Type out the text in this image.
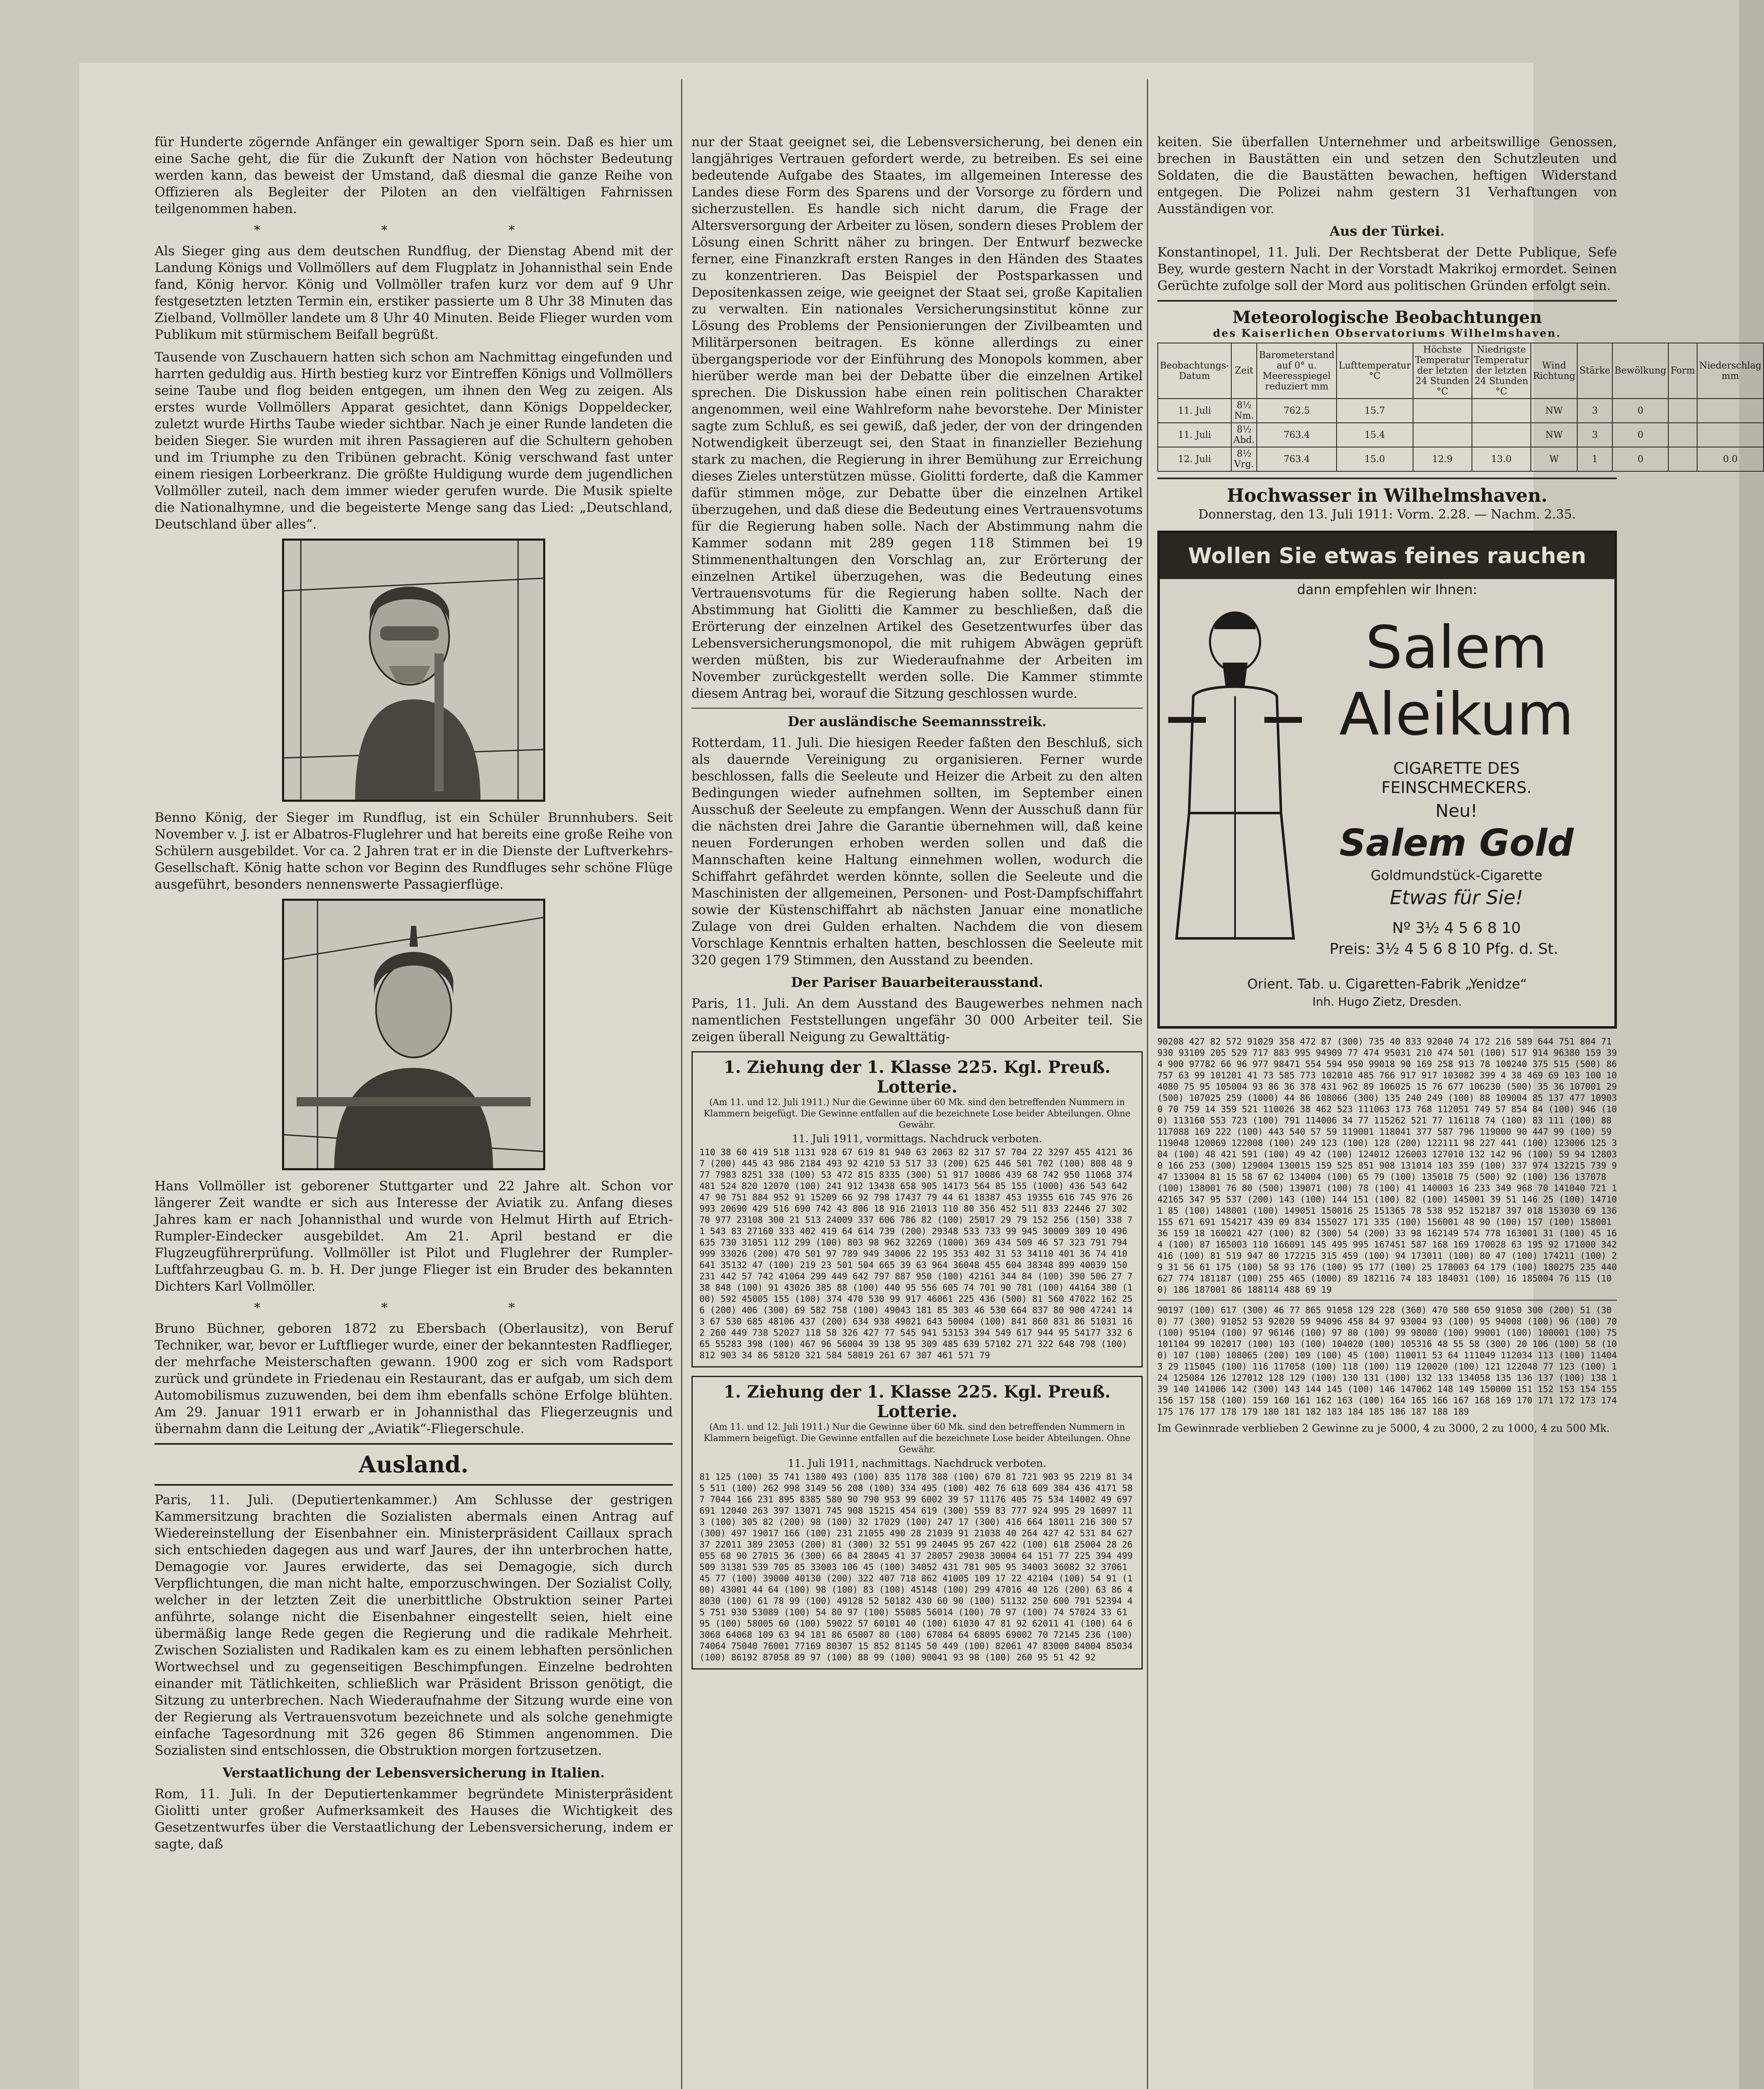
für Hunderte zögernde Anfänger ein gewaltiger Sporn sein. Daß es hier um eine Sache geht, die für die Zukunft der Nation von höchster Bedeutung werden kann, das beweist der Umstand, daß diesmal die ganze Reihe von Offizieren als Begleiter der Piloten an den vielfältigen Fahrnissen teilgenommen haben.

* * *

Als Sieger ging aus dem deutschen Rundflug, der Dienstag Abend mit der Landung Königs und Vollmöllers auf dem Flugplatz in Johannisthal sein Ende fand, König hervor. König und Vollmöller trafen kurz vor dem auf 9 Uhr festgesetzten letzten Termin ein, erstiker passierte um 8 Uhr 38 Minuten das Zielband, Vollmöller landete um 8 Uhr 40 Minuten. Beide Flieger wurden vom Publikum mit stürmischem Beifall begrüßt.

Tausende von Zuschauern hatten sich schon am Nachmittag eingefunden und harrten geduldig aus. Hirth bestieg kurz vor Eintreffen Königs und Vollmöllers seine Taube und flog beiden entgegen, um ihnen den Weg zu zeigen. Als erstes wurde Vollmöllers Apparat gesichtet, dann Königs Doppeldecker, zuletzt wurde Hirths Taube wieder sichtbar. Nach je einer Runde landeten die beiden Sieger. Sie wurden mit ihren Passagieren auf die Schultern gehoben und im Triumphe zu den Tribünen gebracht. König verschwand fast unter einem riesigen Lorbeerkranz. Die größte Huldigung wurde dem jugendlichen Vollmöller zuteil, nach dem immer wieder gerufen wurde. Die Musik spielte die Nationalhymne, und die begeisterte Menge sang das Lied: „Deutschland, Deutschland über alles“.

Benno König, der Sieger im Rundflug, ist ein Schüler Brunnhubers. Seit November v. J. ist er Albatros-Fluglehrer und hat bereits eine große Reihe von Schülern ausgebildet. Vor ca. 2 Jahren trat er in die Dienste der Luftverkehrs-Gesellschaft. König hatte schon vor Beginn des Rundfluges sehr schöne Flüge ausgeführt, besonders nennenswerte Passagierflüge.

Hans Vollmöller ist geborener Stuttgarter und 22 Jahre alt. Schon vor längerer Zeit wandte er sich aus Interesse der Aviatik zu. Anfang dieses Jahres kam er nach Johannisthal und wurde von Helmut Hirth auf Etrich-Rumpler-Eindecker ausgebildet. Am 21. April bestand er die Flugzeugführerprüfung. Vollmöller ist Pilot und Fluglehrer der Rumpler-Luftfahrzeugbau G. m. b. H. Der junge Flieger ist ein Bruder des bekannten Dichters Karl Vollmöller.

* * *

Bruno Büchner, geboren 1872 zu Ebersbach (Oberlausitz), von Beruf Techniker, war, bevor er Luftflieger wurde, einer der bekanntesten Radflieger, der mehrfache Meisterschaften gewann. 1900 zog er sich vom Radsport zurück und gründete in Friedenau ein Restaurant, das er aufgab, um sich dem Automobilismus zuzuwenden, bei dem ihm ebenfalls schöne Erfolge blühten. Am 29. Januar 1911 erwarb er in Johannisthal das Fliegerzeugnis und übernahm dann die Leitung der „Aviatik“-Fliegerschule.

Ausland.

Paris, 11. Juli. (Deputiertenkammer.) Am Schlusse der gestrigen Kammersitzung brachten die Sozialisten abermals einen Antrag auf Wiedereinstellung der Eisenbahner ein. Ministerpräsident Caillaux sprach sich entschieden dagegen aus und warf Jaures, der ihn unterbrochen hatte, Demagogie vor. Jaures erwiderte, das sei Demagogie, sich durch Verpflichtungen, die man nicht halte, emporzuschwingen. Der Sozialist Colly, welcher in der letzten Zeit die unerbittliche Obstruktion seiner Partei anführte, solange nicht die Eisenbahner eingestellt seien, hielt eine übermäßig lange Rede gegen die Regierung und die radikale Mehrheit. Zwischen Sozialisten und Radikalen kam es zu einem lebhaften persönlichen Wortwechsel und zu gegenseitigen Beschimpfungen. Einzelne bedrohten einander mit Tätlichkeiten, schließlich war Präsident Brisson genötigt, die Sitzung zu unterbrechen. Nach Wiederaufnahme der Sitzung wurde eine von der Regierung als Vertrauensvotum bezeichnete und als solche genehmigte einfache Tagesordnung mit 326 gegen 86 Stimmen angenommen. Die Sozialisten sind entschlossen, die Obstruktion morgen fortzusetzen.

Verstaatlichung der Lebensversicherung in Italien.

Rom, 11. Juli. In der Deputiertenkammer begründete Ministerpräsident Giolitti unter großer Aufmerksamkeit des Hauses die Wichtigkeit des Gesetzentwurfes über die Verstaatlichung der Lebensversicherung, indem er sagte, daß

nur der Staat geeignet sei, die Lebensversicherung, bei denen ein langjähriges Vertrauen gefordert werde, zu betreiben. Es sei eine bedeutende Aufgabe des Staates, im allgemeinen Interesse des Landes diese Form des Sparens und der Vorsorge zu fördern und sicherzustellen. Es handle sich nicht darum, die Frage der Altersversorgung der Arbeiter zu lösen, sondern dieses Problem der Lösung einen Schritt näher zu bringen. Der Entwurf bezwecke ferner, eine Finanzkraft ersten Ranges in den Händen des Staates zu konzentrieren. Das Beispiel der Postsparkassen und Depositenkassen zeige, wie geeignet der Staat sei, große Kapitalien zu verwalten. Ein nationales Versicherungsinstitut könne zur Lösung des Problems der Pensionierungen der Zivilbeamten und Militärpersonen beitragen. Es könne allerdings zu einer übergangsperiode vor der Einführung des Monopols kommen, aber hierüber werde man bei der Debatte über die einzelnen Artikel sprechen. Die Diskussion habe einen rein politischen Charakter angenommen, weil eine Wahlreform nahe bevorstehe. Der Minister sagte zum Schluß, es sei gewiß, daß jeder, der von der dringenden Notwendigkeit überzeugt sei, den Staat in finanzieller Beziehung stark zu machen, die Regierung in ihrer Bemühung zur Erreichung dieses Zieles unterstützen müsse. Giolitti forderte, daß die Kammer dafür stimmen möge, zur Debatte über die einzelnen Artikel überzugehen, und daß diese die Bedeutung eines Vertrauensvotums für die Regierung haben solle. Nach der Abstimmung nahm die Kammer sodann mit 289 gegen 118 Stimmen bei 19 Stimmenenthaltungen den Vorschlag an, zur Erörterung der einzelnen Artikel überzugehen, was die Bedeutung eines Vertrauensvotums für die Regierung haben sollte. Nach der Abstimmung hat Giolitti die Kammer zu beschließen, daß die Erörterung der einzelnen Artikel des Gesetzentwurfes über das Lebensversicherungsmonopol, die mit ruhigem Abwägen geprüft werden müßten, bis zur Wiederaufnahme der Arbeiten im November zurückgestellt werden solle. Die Kammer stimmte diesem Antrag bei, worauf die Sitzung geschlossen wurde.

Der ausländische Seemannsstreik.

Rotterdam, 11. Juli. Die hiesigen Reeder faßten den Beschluß, sich als dauernde Vereinigung zu organisieren. Ferner wurde beschlossen, falls die Seeleute und Heizer die Arbeit zu den alten Bedingungen wieder aufnehmen sollten, im September einen Ausschuß der Seeleute zu empfangen. Wenn der Ausschuß dann für die nächsten drei Jahre die Garantie übernehmen will, daß keine neuen Forderungen erhoben werden sollen und daß die Mannschaften keine Haltung einnehmen wollen, wodurch die Schiffahrt gefährdet werden könnte, sollen die Seeleute und die Maschinisten der allgemeinen, Personen- und Post-Dampfschiffahrt sowie der Küstenschiffahrt ab nächsten Januar eine monatliche Zulage von drei Gulden erhalten. Nachdem die von diesem Vorschlage Kenntnis erhalten hatten, beschlossen die Seeleute mit 320 gegen 179 Stimmen, den Ausstand zu beenden.

Der Pariser Bauarbeiterausstand.

Paris, 11. Juli. An dem Ausstand des Baugewerbes nehmen nach namentlichen Feststellungen ungefähr 30 000 Arbeiter teil. Sie zeigen überall Neigung zu Gewalttätig-

1. Ziehung der 1. Klasse 225. Kgl. Preuß. Lotterie.
(Am 11. und 12. Juli 1911.) Nur die Gewinne über 60 Mk. sind den betreffenden Nummern in Klammern beigefügt. Die Gewinne entfallen auf die bezeichnete Lose beider Abteilungen. Ohne Gewähr.
11. Juli 1911, vormittags. Nachdruck verboten.
110 38 60 419 518 1131 928 67 619 81 940 63 2063 82 317 57 704 22 3297 455 4121 367 (200) 445 43 986 2184 493 92 4210 53 517 33 (200) 625 446 501 702 (100) 808 48 977 7983 8251 338 (100) 53 472 815 8335 (300) 51 917 10086 439 68 742 950 11068 374 481 524 820 12070 (100) 241 912 13438 658 905 14173 564 85 155 (1000) 436 543 642 47 90 751 884 952 91 15209 66 92 798 17437 79 44 61 18387 453 19355 616 745 976 26 993 20690 429 516 690 742 43 806 18 916 21013 110 80 356 452 511 833 22446 27 302 70 977 23108 300 21 513 24009 337 606 786 82 (100) 25017 29 79 152 256 (150) 338 71 543 83 27160 333 402 419 64 614 739 (200) 29348 533 733 99 945 30009 309 10 496 635 730 31051 112 299 (100) 803 98 962 32269 (1000) 369 434 509 46 57 323 791 794 999 33026 (200) 470 501 97 789 949 34006 22 195 353 402 31 53 34110 401 36 74 410 641 35132 47 (100) 219 23 501 504 665 39 63 964 36048 455 604 38348 899 40039 150 231 442 57 742 41064 299 449 642 797 887 950 (100) 42161 344 84 (100) 390 506 27 738 848 (100) 91 43026 385 88 (100) 440 95 556 605 74 701 90 781 (100) 44164 380 (100) 592 45005 155 (100) 374 470 530 99 917 46061 225 436 (500) 81 560 47022 162 256 (200) 406 (300) 69 582 758 (100) 49043 181 85 303 46 530 664 837 80 900 47241 143 67 530 685 48106 437 (200) 634 938 49021 643 50004 (100) 841 860 831 86 51031 162 260 449 738 52027 118 58 326 427 77 545 941 53153 394 549 617 944 95 54177 332 665 55283 398 (100) 467 96 56004 39 138 95 309 485 639 57102 271 322 648 798 (100) 812 903 34 86 58120 321 584 58019 261 67 307 461 571 79
1. Ziehung der 1. Klasse 225. Kgl. Preuß. Lotterie.
(Am 11. und 12. Juli 1911.) Nur die Gewinne über 60 Mk. sind den betreffenden Nummern in Klammern beigefügt. Die Gewinne entfallen auf die bezeichnete Lose beider Abteilungen. Ohne Gewähr.
11. Juli 1911, nachmittags. Nachdruck verboten.
81 125 (100) 35 741 1380 493 (100) 835 1178 388 (100) 670 81 721 903 95 2219 81 345 511 (100) 262 998 3149 56 208 (100) 334 495 (100) 402 76 618 609 384 436 4171 587 7044 166 231 895 8385 580 90 790 953 99 6002 39 57 11176 405 75 534 14002 49 697 691 12040 263 397 13071 745 908 15215 454 619 (300) 559 83 777 924 995 29 16097 113 (100) 305 82 (200) 98 (100) 32 17029 (100) 247 17 (300) 416 664 18011 216 300 57 (300) 497 19017 166 (100) 231 21055 490 28 21039 91 21038 40 264 427 42 531 84 627 37 22011 389 23053 (200) 81 (300) 32 551 99 24045 95 267 422 (100) 618 25004 28 26055 68 90 27015 36 (300) 66 84 28045 41 37 28057 29038 30004 64 151 77 225 394 499 509 31381 539 705 85 33003 106 45 (100) 34052 431 781 905 95 34003 36082 32 37061 45 77 (100) 39000 40130 (200) 322 407 718 862 41005 109 17 22 42104 (100) 54 91 (100) 43001 44 64 (100) 98 (100) 83 (100) 45148 (100) 299 47016 40 126 (200) 63 86 48030 (100) 61 78 99 (100) 49128 52 50182 430 60 90 (100) 51132 250 600 791 52394 45 751 930 53089 (100) 54 80 97 (100) 55085 56014 (100) 70 97 (100) 74 57024 33 61 95 (100) 58005 60 (100) 59022 57 60101 40 (100) 61030 47 81 92 62011 41 (100) 64 63068 64068 109 63 94 181 86 65007 80 (100) 67084 64 68095 69002 70 72145 236 (100) 74064 75040 76001 77169 80307 15 852 81145 50 449 (100) 82061 47 83000 84004 85034 (100) 86192 87058 89 97 (100) 88 99 (100) 90041 93 98 (100) 260 95 51 42 92

keiten. Sie überfallen Unternehmer und arbeitswillige Genossen, brechen in Baustätten ein und setzen den Schutzleuten und Soldaten, die die Baustätten bewachen, heftigen Widerstand entgegen. Die Polizei nahm gestern 31 Verhaftungen von Ausständigen vor.

Aus der Türkei.

Konstantinopel, 11. Juli. Der Rechtsberat der Dette Publique, Sefe Bey, wurde gestern Nacht in der Vorstadt Makrikoj ermordet. Seinen Gerüchte zufolge soll der Mord aus politischen Gründen erfolgt sein.

Meteorologische Beobachtungen
des Kaiserlichen Observatoriums Wilhelmshaven.
Beobachtungs-Datum	Zeit	Barometerstand auf 0° u. Meeresspiegel reduziert mm	Lufttemperatur °C	Höchste Temperatur der letzten 24 Stunden °C	Niedrigste Temperatur der letzten 24 Stunden °C	Wind Richtung	Stärke	Bewölkung	Form	Niederschlag mm
11. Juli	8½ Nm.	762.5	15.7			NW	3	0		
11. Juli	8½ Abd.	763.4	15.4			NW	3	0		
12. Juli	8½ Vrg.	763.4	15.0	12.9	13.0	W	1	0		0.0
Hochwasser in Wilhelmshaven.

Donnerstag, den 13. Juli 1911: Vorm. 2.28. — Nachm. 2.35.

Wollen Sie etwas feines rauchen
dann empfehlen wir Ihnen:
Salem
Aleikum
CIGARETTE DES FEINSCHMECKERS.
Neu!
Salem Gold
Goldmundstück-Cigarette
Etwas für Sie!
Nº 3½ 4 5 6 8 10
Preis: 3½ 4 5 6 8 10 Pfg. d. St.
Orient. Tab. u. Cigaretten-Fabrik „Yenidze“
Inh. Hugo Zietz, Dresden.
90208 427 82 572 91029 358 472 87 (300) 735 40 833 92040 74 172 216 589 644 751 804 71 930 93109 205 529 717 883 995 94909 77 474 95031 210 474 501 (100) 517 914 96380 159 394 900 97782 66 96 977 98471 554 594 950 99018 90 169 258 913 78 100240 375 515 (500) 86 757 63 99 101201 41 73 585 773 102010 485 766 917 917 103082 399 4 38 469 69 103 100 104080 75 95 105004 93 86 36 378 431 962 89 106025 15 76 677 106230 (500) 35 36 107001 29 (500) 107025 259 (1000) 44 86 108066 (300) 135 240 249 (100) 88 109004 85 137 477 109030 70 759 14 359 521 110026 38 462 523 111063 173 768 112051 749 57 854 84 (100) 946 (100) 113160 553 723 (100) 791 114006 34 77 115262 521 77 116118 74 (100) 83 111 (100) 88 117088 169 222 (100) 443 540 57 59 119001 118041 377 587 796 119000 90 447 99 (100) 59 119048 120069 122008 (100) 249 123 (100) 128 (200) 122111 98 227 441 (100) 123006 125 304 (100) 48 421 591 (100) 49 42 (100) 124012 126003 127010 132 142 96 (100) 59 94 128030 166 253 (300) 129004 130015 159 525 851 908 131014 103 359 (100) 337 974 132215 739 947 133004 81 15 58 67 62 134004 (100) 65 79 (100) 135018 75 (500) 92 (100) 136 137078 (100) 138001 76 80 (500) 139071 (100) 78 (100) 41 140003 16 233 349 968 70 141040 721 142165 347 95 537 (200) 143 (100) 144 151 (100) 82 (100) 145001 39 51 146 25 (100) 147101 85 (100) 148001 (100) 149051 150016 25 151365 78 538 952 152187 397 018 153030 69 136 155 671 691 154217 439 09 834 155027 171 335 (100) 156001 48 90 (100) 157 (100) 158001 36 159 18 160021 427 (100) 82 (300) 54 (200) 33 98 162149 574 778 163001 31 (100) 45 164 (100) 87 165003 110 166091 145 495 995 167451 587 168 169 170028 63 195 92 171000 342 416 (100) 81 519 947 80 172215 315 459 (100) 94 173011 (100) 80 47 (100) 174211 (100) 29 31 56 61 175 (100) 58 93 176 (100) 95 177 (100) 25 178003 64 179 (100) 180275 235 440 627 774 181187 (100) 255 465 (1000) 89 182116 74 183 184031 (100) 16 185004 76 115 (100) 186 187001 86 188114 488 69 19
90197 (100) 617 (300) 46 77 865 91058 129 228 (360) 470 580 650 91050 300 (200) 51 (300) 77 (300) 91052 53 92020 59 94096 458 84 97 93004 93 (100) 95 94008 (100) 96 (100) 70 (100) 95104 (100) 97 96146 (100) 97 80 (100) 99 98080 (100) 99001 (100) 100001 (100) 75 101104 99 102017 (100) 103 (100) 104020 (100) 105316 48 55 58 (300) 20 106 (100) 58 (100) 107 (100) 108065 (200) 109 (100) 45 (100) 110011 53 64 111049 112034 113 (100) 114043 29 115045 (100) 116 117058 (100) 118 (100) 119 120020 (100) 121 122048 77 123 (100) 124 125084 126 127012 128 129 (100) 130 131 (100) 132 133 134058 135 136 137 (100) 138 139 140 141006 142 (300) 143 144 145 (100) 146 147062 148 149 150000 151 152 153 154 155 156 157 158 (100) 159 160 161 162 163 (100) 164 165 166 167 168 169 170 171 172 173 174 175 176 177 178 179 180 181 182 183 184 185 186 187 188 189

Im Gewinnrade verblieben 2 Gewinne zu je 5000, 4 zu 3000, 2 zu 1000, 4 zu 500 Mk.
